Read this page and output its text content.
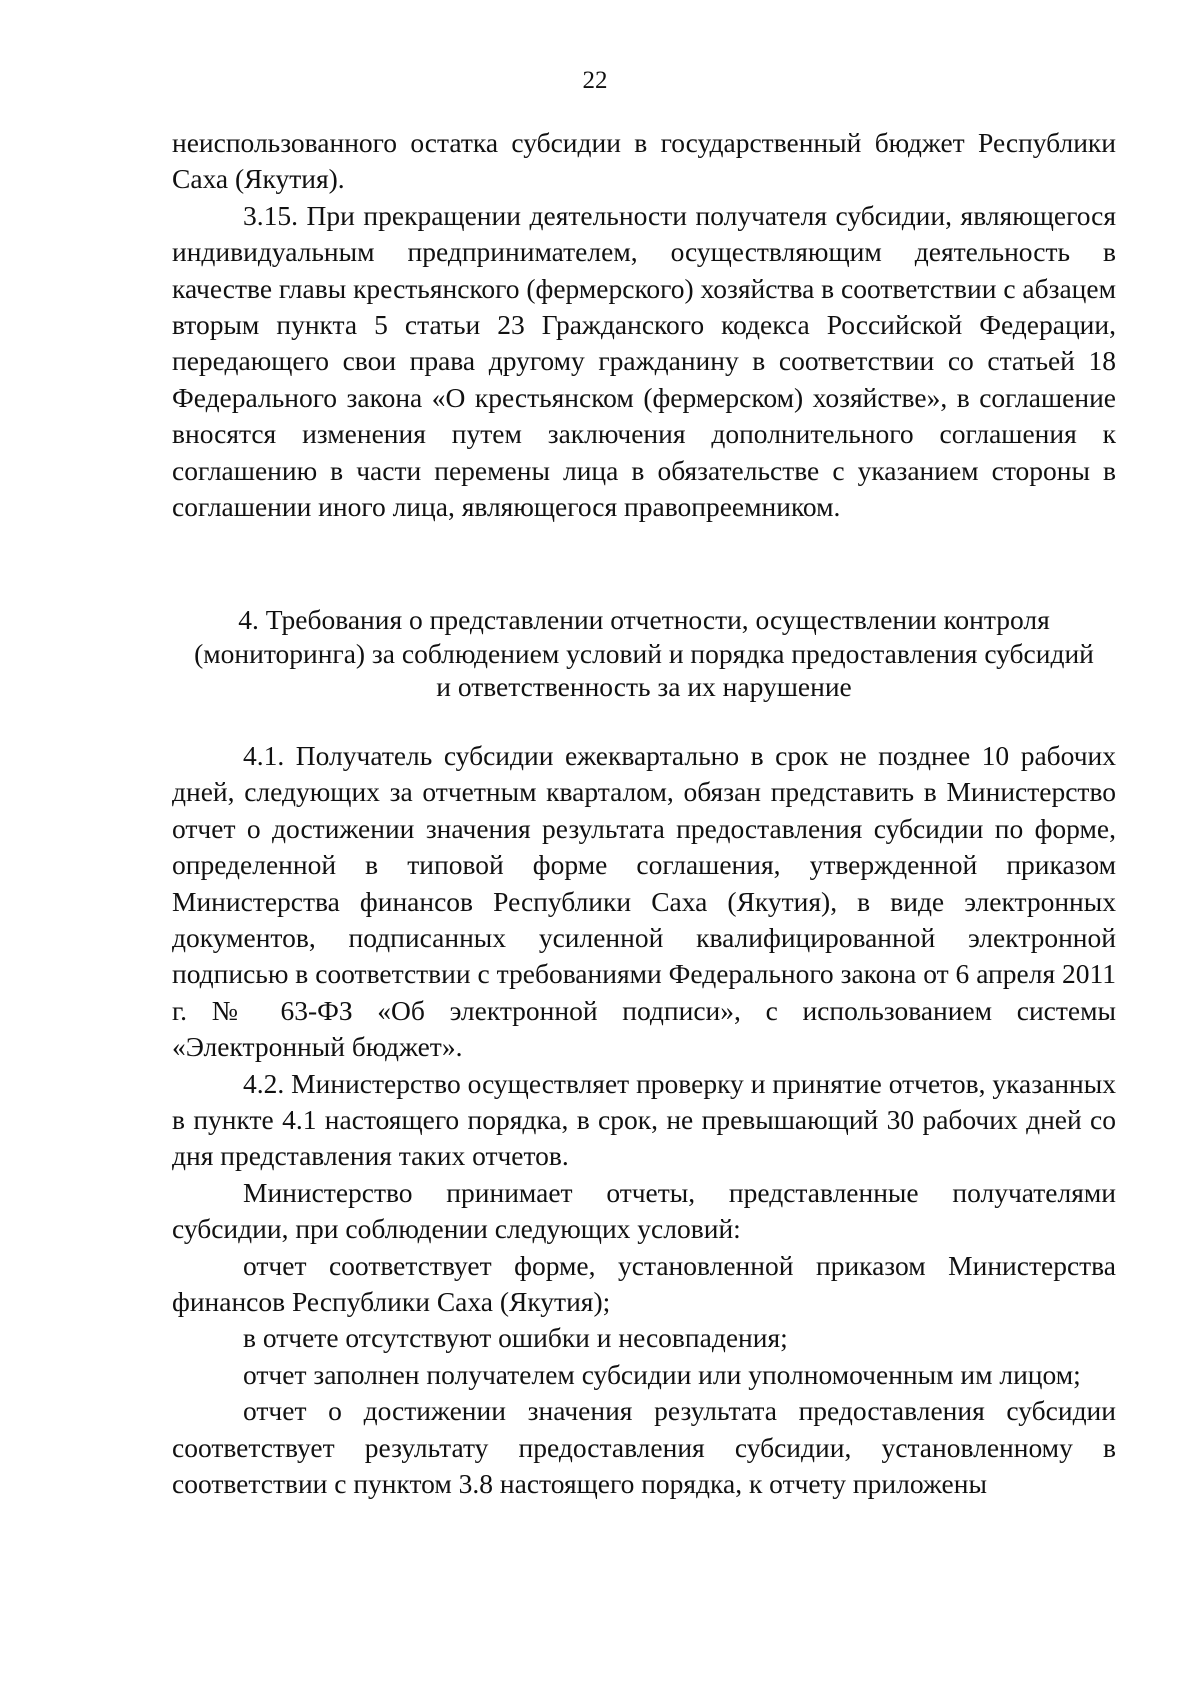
22

неиспользованного остатка субсидии в государственный бюджет Республики Саха (Якутия).

3.15. При прекращении деятельности получателя субсидии, являющегося индивидуальным предпринимателем, осуществляющим деятельность в качестве главы крестьянского (фермерского) хозяйства в соответствии с абзацем вторым пункта 5 статьи 23 Гражданского кодекса Российской Федерации, передающего свои права другому гражданину в соответствии со статьей 18 Федерального закона «О крестьянском (фермерском) хозяйстве», в соглашение вносятся изменения путем заключения дополнительного соглашения к соглашению в части перемены лица в обязательстве с указанием стороны в соглашении иного лица, являющегося правопреемником.

4. Требования о представлении отчетности, осуществлении контроля
(мониторинга) за соблюдением условий и порядка предоставления субсидий
и ответственность за их нарушение

4.1. Получатель субсидии ежеквартально в срок не позднее 10 рабочих дней, следующих за отчетным кварталом, обязан представить в Министерство отчет о достижении значения результата предоставления субсидии по форме, определенной в типовой форме соглашения, утвержденной приказом Министерства финансов Республики Саха (Якутия), в виде электронных документов, подписанных усиленной квалифицированной электронной подписью в соответствии с требованиями Федерального закона от 6 апреля 2011 г. № 63-ФЗ «Об электронной подписи», с использованием системы «Электронный бюджет».

4.2. Министерство осуществляет проверку и принятие отчетов, указанных в пункте 4.1 настоящего порядка, в срок, не превышающий 30 рабочих дней со дня представления таких отчетов.

Министерство принимает отчеты, представленные получателями субсидии, при соблюдении следующих условий:

отчет соответствует форме, установленной приказом Министерства финансов Республики Саха (Якутия);

в отчете отсутствуют ошибки и несовпадения;

отчет заполнен получателем субсидии или уполномоченным им лицом;

отчет о достижении значения результата предоставления субсидии соответствует результату предоставления субсидии, установленному в соответствии с пунктом 3.8 настоящего порядка, к отчету приложены
